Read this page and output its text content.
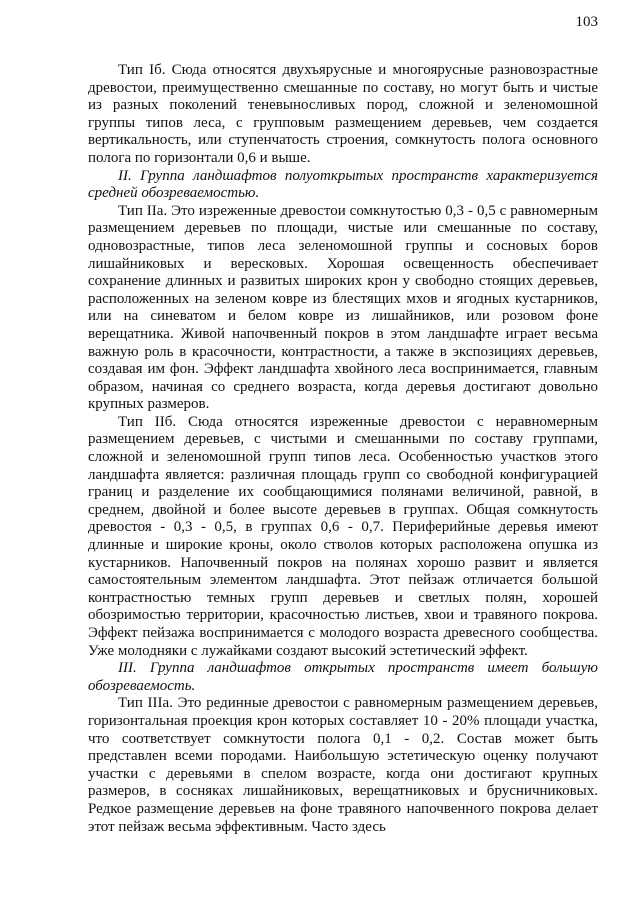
103

Тип Iб. Сюда относятся двухъярусные и многоярусные разновозрастные древостои, преимущественно смешанные по составу, но могут быть и чистые из разных поколений теневыносливых пород, сложной и зеленомошной группы типов леса, с групповым размещением деревьев, чем создается вертикальность, или ступенчатость строения, сомкнутость полога основного полога по горизонтали 0,6 и выше.

II. Группа ландшафтов полуоткрытых пространств характеризуется средней обозреваемостью.

Тип IIа. Это изреженные древостои сомкнутостью 0,3 - 0,5 с равномерным размещением деревьев по площади, чистые или смешанные по составу, одновозрастные, типов леса зеленомошной группы и сосновых боров лишайниковых и вересковых. Хорошая освещенность обеспечивает сохранение длинных и развитых широких крон у свободно стоящих деревьев, расположенных на зеленом ковре из блестящих мхов и ягодных кустарников, или на синеватом и белом ковре из лишайников, или розовом фоне верещатника. Живой напочвенный покров в этом ландшафте играет весьма важную роль в красочности, контрастности, а также в экспозициях деревьев, создавая им фон. Эффект ландшафта хвойного леса воспринимается, главным образом, начиная со среднего возраста, когда деревья достигают довольно крупных размеров.

Тип IIб. Сюда относятся изреженные древостои с неравномерным размещением деревьев, с чистыми и смешанными по составу группами, сложной и зеленомошной групп типов леса. Особенностью участков этого ландшафта является: различная площадь групп со свободной конфигурацией границ и разделение их сообщающимися полянами величиной, равной, в среднем, двойной и более высоте деревьев в группах. Общая сомкнутость древостоя - 0,3 - 0,5, в группах 0,6 - 0,7. Периферийные деревья имеют длинные и широкие кроны, около стволов которых расположена опушка из кустарников. Напочвенный покров на полянах хорошо развит и является самостоятельным элементом ландшафта. Этот пейзаж отличается большой контрастностью темных групп деревьев и светлых полян, хорошей обозримостью территории, красочностью листьев, хвои и травяного покрова. Эффект пейзажа воспринимается с молодого возраста древесного сообщества. Уже молодняки с лужайками создают высокий эстетический эффект.

III. Группа ландшафтов открытых пространств имеет большую обозреваемость.

Тип IIIа. Это рединные древостои с равномерным размещением деревьев, горизонтальная проекция крон которых составляет 10 - 20% площади участка, что соответствует сомкнутости полога 0,1 - 0,2. Состав может быть представлен всеми породами. Наибольшую эстетическую оценку получают участки с деревьями в спелом возрасте, когда они достигают крупных размеров, в сосняках лишайниковых, верещатниковых и брусничниковых. Редкое размещение деревьев на фоне травяного напочвенного покрова делает этот пейзаж весьма эффективным. Часто здесь
